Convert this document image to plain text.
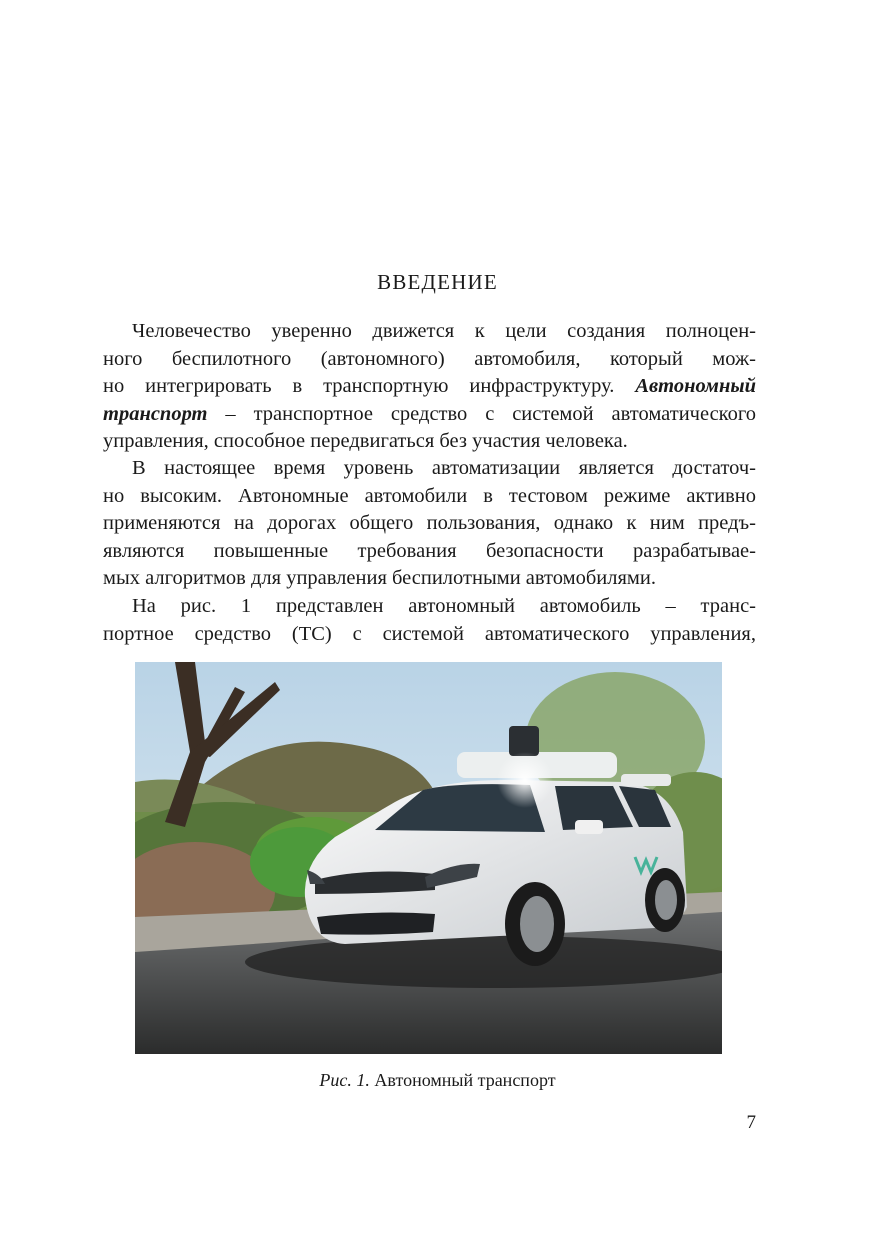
ВВЕДЕНИЕ
Человечество уверенно движется к цели создания полноцен-
ного беспилотного (автономного) автомобиля, который мож-
но интегрировать в транспортную инфраструктуру. Автономный
транспорт – транспортное средство с системой автоматического
управления, способное передвигаться без участия человека.
В настоящее время уровень автоматизации является достаточ-
но высоким. Автономные автомобили в тестовом режиме активно
применяются на дорогах общего пользования, однако к ним предъ-
являются повышенные требования безопасности разрабатывае-
мых алгоритмов для управления беспилотными автомобилями.
На рис. 1 представлен автономный автомобиль – транс-
портное средство (ТС) с системой автоматического управления,
Рис. 1. Автономный транспорт
7
